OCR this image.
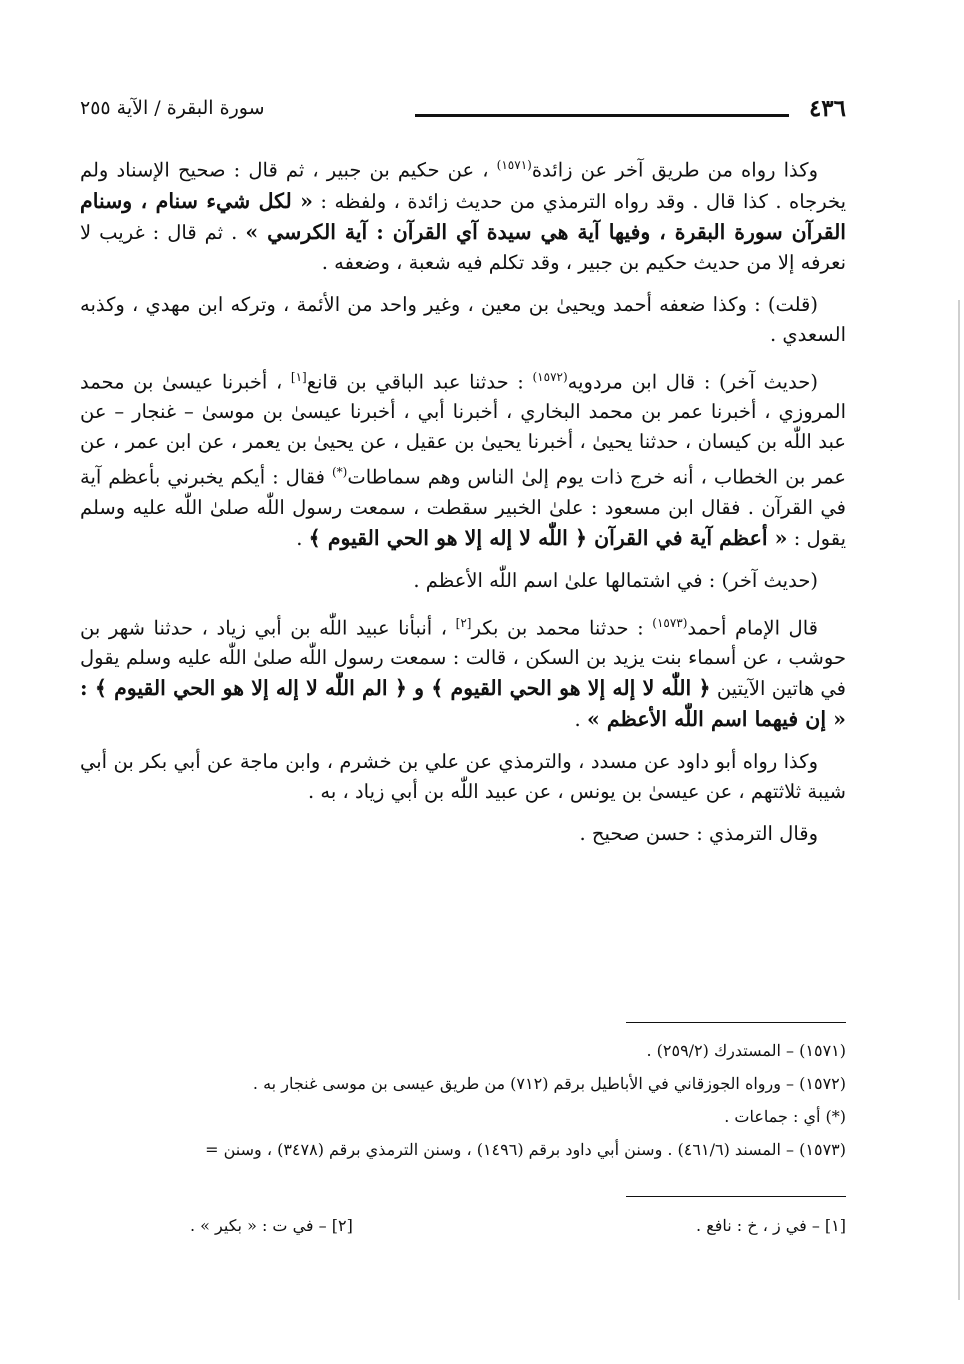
٤٣٦
سورة البقرة / الآية ٢٥٥

وكذا رواه من طريق آخر عن زائدة$^{(١٥٧١)}$ ، عن حكيم بن جبير ، ثم قال : صحيح الإسناد ولم يخرجاه . كذا قال . وقد رواه الترمذي من حديث زائدة ، ولفظه : « لكل شيء سنام ، وسنام القرآن سورة البقرة ، وفيها آية هي سيدة آي القرآن : آية الكرسي » . ثم قال : غريب لا نعرفه إلا من حديث حكيم بن جبير ، وقد تكلم فيه شعبة ، وضعفه .

(قلت) : وكذا ضعفه أحمد ويحيىٰ بن معين ، وغير واحد من الأئمة ، وتركه ابن مهدي ، وكذبه السعدي .

(حديث آخر) : قال ابن مردويه$^{(١٥٧٢)}$ : حدثنا عبد الباقي بن قانع[١] ، أخبرنا عيسىٰ بن محمد المروزي ، أخبرنا عمر بن محمد البخاري ، أخبرنا أبي ، أخبرنا عيسىٰ بن موسىٰ – غنجار – عن عبد اللّٰه بن كيسان ، حدثنا يحيىٰ ، أخبرنا يحيىٰ بن عقيل ، عن يحيىٰ بن يعمر ، عن ابن عمر ، عن عمر بن الخطاب ، أنه خرج ذات يوم إلىٰ الناس وهم سماطات(*) فقال : أيكم يخبرني بأعظم آية في القرآن . فقال ابن مسعود : علىٰ الخبير سقطت ، سمعت رسول اللّٰه صلىٰ اللّٰه عليه وسلم يقول : « أعظم آية في القرآن ﴿ اللّٰه لا إله إلا هو الحي القيوم ﴾ .

(حديث آخر) : في اشتمالها علىٰ اسم اللّٰه الأعظم .

قال الإمام أحمد$^{(١٥٧٣)}$ : حدثنا محمد بن بكر[٢] ، أنبأنا عبيد اللّٰه بن أبي زياد ، حدثنا شهر بن حوشب ، عن أسماء بنت يزيد بن السكن ، قالت : سمعت رسول اللّٰه صلىٰ اللّٰه عليه وسلم يقول في هاتين الآيتين ﴿ اللّٰه لا إله إلا هو الحي القيوم ﴾ و ﴿ الم اللّٰه لا إله إلا هو الحي القيوم ﴾ : « إن فيهما اسم اللّٰه الأعظم » .

وكذا رواه أبو داود عن مسدد ، والترمذي عن علي بن خشرم ، وابن ماجة عن أبي بكر بن أبي شيبة ثلاثتهم ، عن عيسىٰ بن يونس ، عن عبيد اللّٰه بن أبي زياد ، به .

وقال الترمذي : حسن صحيح .

(١٥٧١) – المستدرك (٢٥٩/٢) .

(١٥٧٢) – ورواه الجوزقاني في الأباطيل برقم (٧١٢) من طريق عيسى بن موسى غنجار به .

(*) أي : جماعات .

(١٥٧٣) – المسند (٤٦١/٦) . وسنن أبي داود برقم (١٤٩٦) ، وسنن الترمذي برقم (٣٤٧٨) ، وسنن =

[١] – في ز ، خ : نافع .
[٢] – في ت : « بكير » .
